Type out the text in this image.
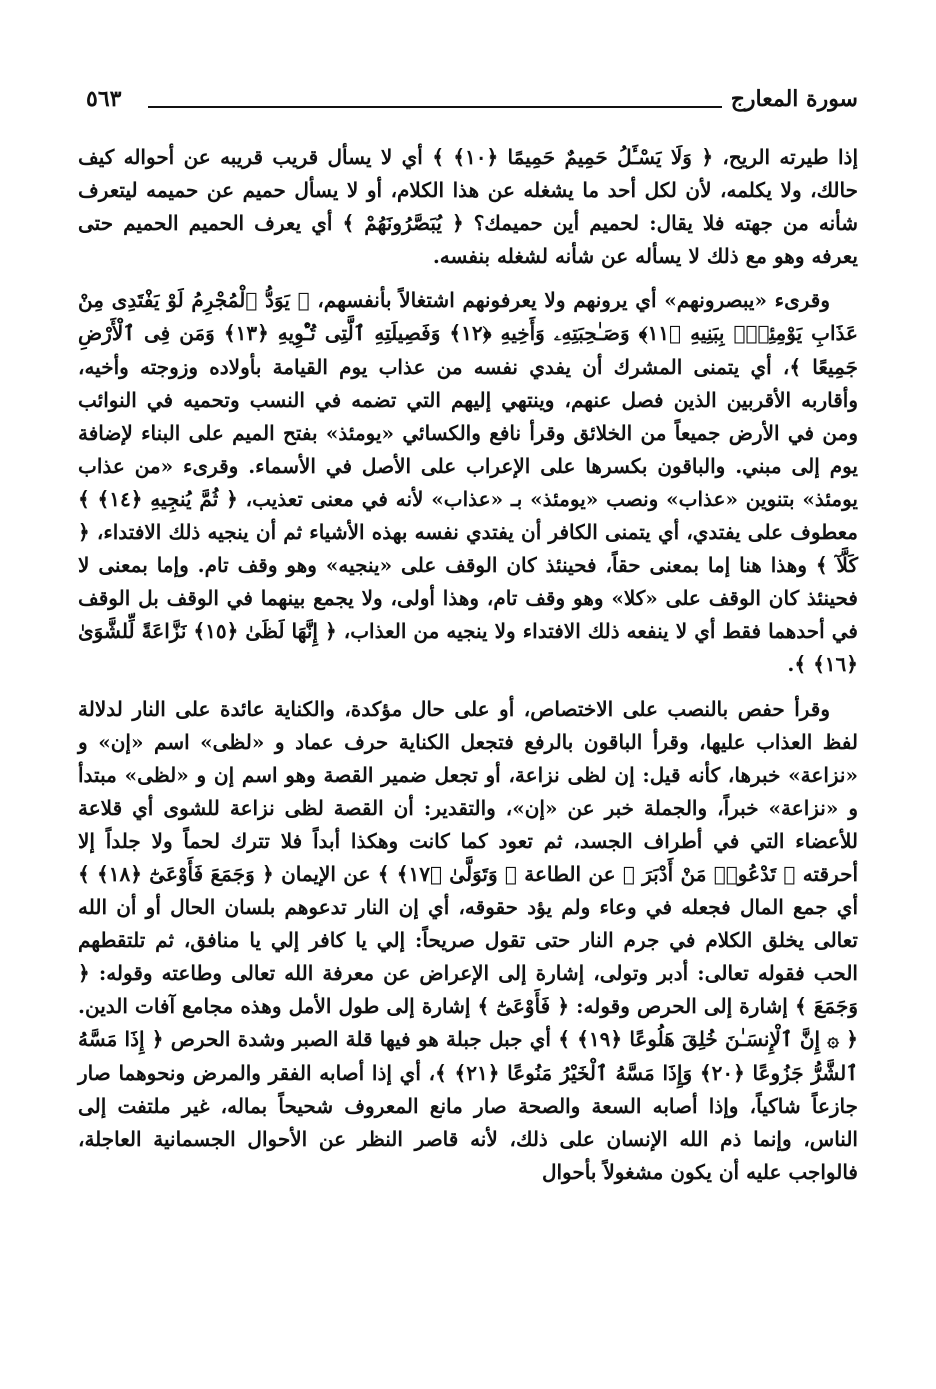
سورة المعارج
٥٦٣

إذا طيرته الريح، ﴿ وَلَا يَسْـَٔلُ حَمِيمٌ حَمِيمًا ﴿١٠﴾ ﴾ أي لا يسأل قريب قريبه عن أحواله كيف حالك، ولا يكلمه، لأن لكل أحد ما يشغله عن هذا الكلام، أو لا يسأل حميم عن حميمه ليتعرف شأنه من جهته فلا يقال: لحميم أين حميمك؟ ﴿ يُبَصَّرُونَهُمْ ﴾ أي يعرف الحميم الحميم حتى يعرفه وهو مع ذلك لا يسأله عن شأنه لشغله بنفسه.

وقرىء «يبصرونهم» أي يرونهم ولا يعرفونهم اشتغالاً بأنفسهم، ﴿ يَوَدُّ ٱلْمُجْرِمُ لَوْ يَفْتَدِى مِنْ عَذَابِ يَوْمِئِذٍۭ بِبَنِيهِ ﴿١١﴾ وَصَـٰحِبَتِهِۦ وَأَخِيهِ ﴿١٢﴾ وَفَصِيلَتِهِ ٱلَّتِى تُـْٔوِيهِ ﴿١٣﴾ وَمَن فِى ٱلْأَرْضِ جَمِيعًا ﴾، أي يتمنى المشرك أن يفدي نفسه من عذاب يوم القيامة بأولاده وزوجته وأخيه، وأقاربه الأقربين الذين فصل عنهم، وينتهي إليهم التي تضمه في النسب وتحميه في النوائب ومن في الأرض جميعاً من الخلائق وقرأ نافع والكسائي «يومئذ» بفتح الميم على البناء لإضافة يوم إلى مبني. والباقون بكسرها على الإعراب على الأصل في الأسماء. وقرىء «من عذاب يومئذ» بتنوين «عذاب» ونصب «يومئذ» بـ «عذاب» لأنه في معنى تعذيب، ﴿ ثُمَّ يُنجِيهِ ﴿١٤﴾ ﴾ معطوف على يفتدي، أي يتمنى الكافر أن يفتدي نفسه بهذه الأشياء ثم أن ينجيه ذلك الافتداء، ﴿ كَلَّآ ﴾ وهذا هنا إما بمعنى حقاً، فحينئذ كان الوقف على «ينجيه» وهو وقف تام. وإما بمعنى لا فحينئذ كان الوقف على «كلا» وهو وقف تام، وهذا أولى، ولا يجمع بينهما في الوقف بل الوقف في أحدهما فقط أي لا ينفعه ذلك الافتداء ولا ينجيه من العذاب، ﴿ إِنَّهَا لَظَىٰ ﴿١٥﴾ نَزَّاعَةً لِّلشَّوَىٰ ﴿١٦﴾ ﴾.

وقرأ حفص بالنصب على الاختصاص، أو على حال مؤكدة، والكناية عائدة على النار لدلالة لفظ العذاب عليها، وقرأ الباقون بالرفع فتجعل الكناية حرف عماد و «لظى» اسم «إن» و «نزاعة» خبرها، كأنه قيل: إن لظى نزاعة، أو تجعل ضمير القصة وهو اسم إن و «لظى» مبتدأ و «نزاعة» خبراً، والجملة خبر عن «إن»، والتقدير: أن القصة لظى نزاعة للشوى أي قلاعة للأعضاء التي في أطراف الجسد، ثم تعود كما كانت وهكذا أبداً فلا تترك لحماً ولا جلداً إلا أحرقته ﴿ تَدْعُوا۟ مَنْ أَدْبَرَ ﴾ عن الطاعة ﴿ وَتَوَلَّىٰ ﴿١٧﴾ ﴾ عن الإيمان ﴿ وَجَمَعَ فَأَوْعَىٰٓ ﴿١٨﴾ ﴾ أي جمع المال فجعله في وعاء ولم يؤد حقوقه، أي إن النار تدعوهم بلسان الحال أو أن الله تعالى يخلق الكلام في جرم النار حتى تقول صريحاً: إلي يا كافر إلي يا منافق، ثم تلتقطهم الحب فقوله تعالى: أدبر وتولى، إشارة إلى الإعراض عن معرفة الله تعالى وطاعته وقوله: ﴿ وَجَمَعَ ﴾ إشارة إلى الحرص وقوله: ﴿ فَأَوْعَىٰٓ ﴾ إشارة إلى طول الأمل وهذه مجامع آفات الدين. ﴿ ۞ إِنَّ ٱلْإِنسَـٰنَ خُلِقَ هَلُوعًا ﴿١٩﴾ ﴾ أي جبل جبلة هو فيها قلة الصبر وشدة الحرص ﴿ إِذَا مَسَّهُ ٱلشَّرُّ جَزُوعًا ﴿٢٠﴾ وَإِذَا مَسَّهُ ٱلْخَيْرُ مَنُوعًا ﴿٢١﴾ ﴾، أي إذا أصابه الفقر والمرض ونحوهما صار جازعاً شاكياً، وإذا أصابه السعة والصحة صار مانع المعروف شحيحاً بماله، غير ملتفت إلى الناس، وإنما ذم الله الإنسان على ذلك، لأنه قاصر النظر عن الأحوال الجسمانية العاجلة، فالواجب عليه أن يكون مشغولاً بأحوال
